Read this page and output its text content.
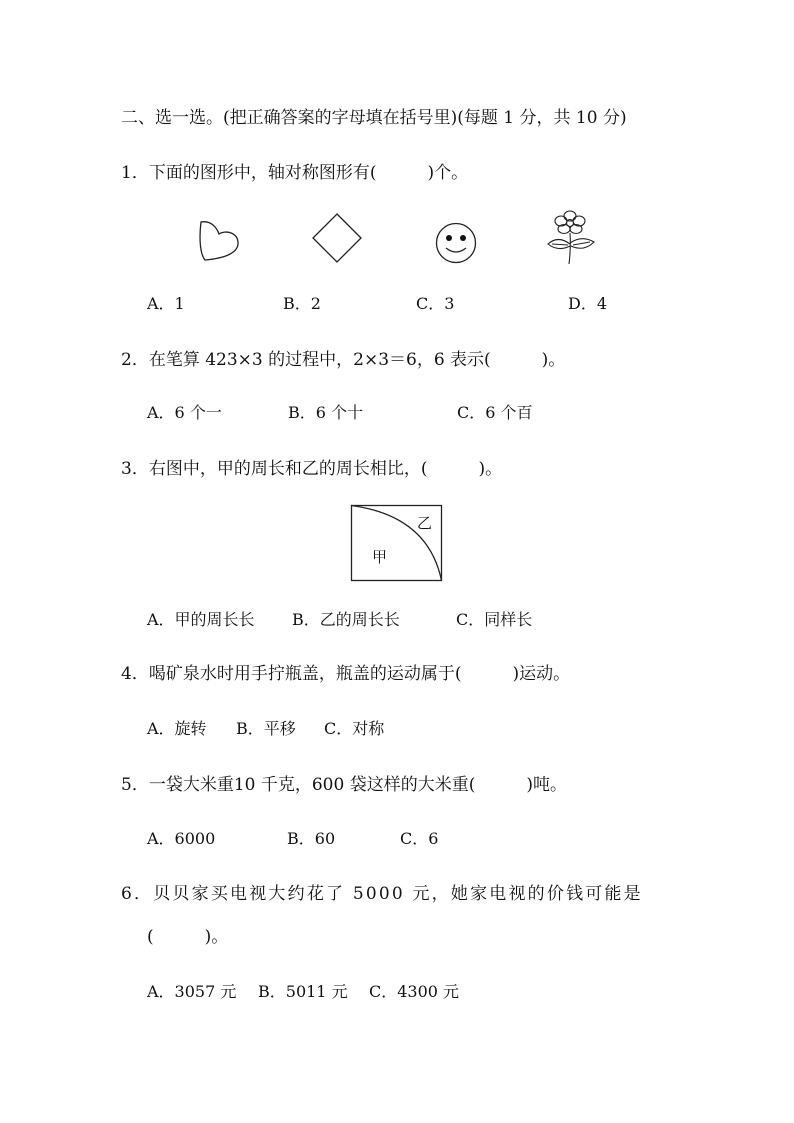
二、选一选。(把正确答案的字母填在括号里)(每题 1 分，共 10 分)
1．下面的图形中，轴对称图形有(　　　)个。
A．1	B．2	C．3	D．4
2．在笔算 423×3 的过程中，2×3＝6，6 表示(　　　)。
A．6 个一	B．6 个十	C．6 个百
3．右图中，甲的周长和乙的周长相比，(　　　)。
乙
甲
A．甲的周长长 B．乙的周长长	C．同样长
4．喝矿泉水时用手拧瓶盖，瓶盖的运动属于(　　　)运动。
A．旋转 B．平移 C．对称
5．一袋大米重10 千克，600 袋这样的大米重(　　　)吨。
A．6000	B．60	C．6
6．贝贝家买电视大约花了 5000 元，她家电视的价钱可能是
(　　　)。
A．3057 元 B．5011 元 C．4300 元
